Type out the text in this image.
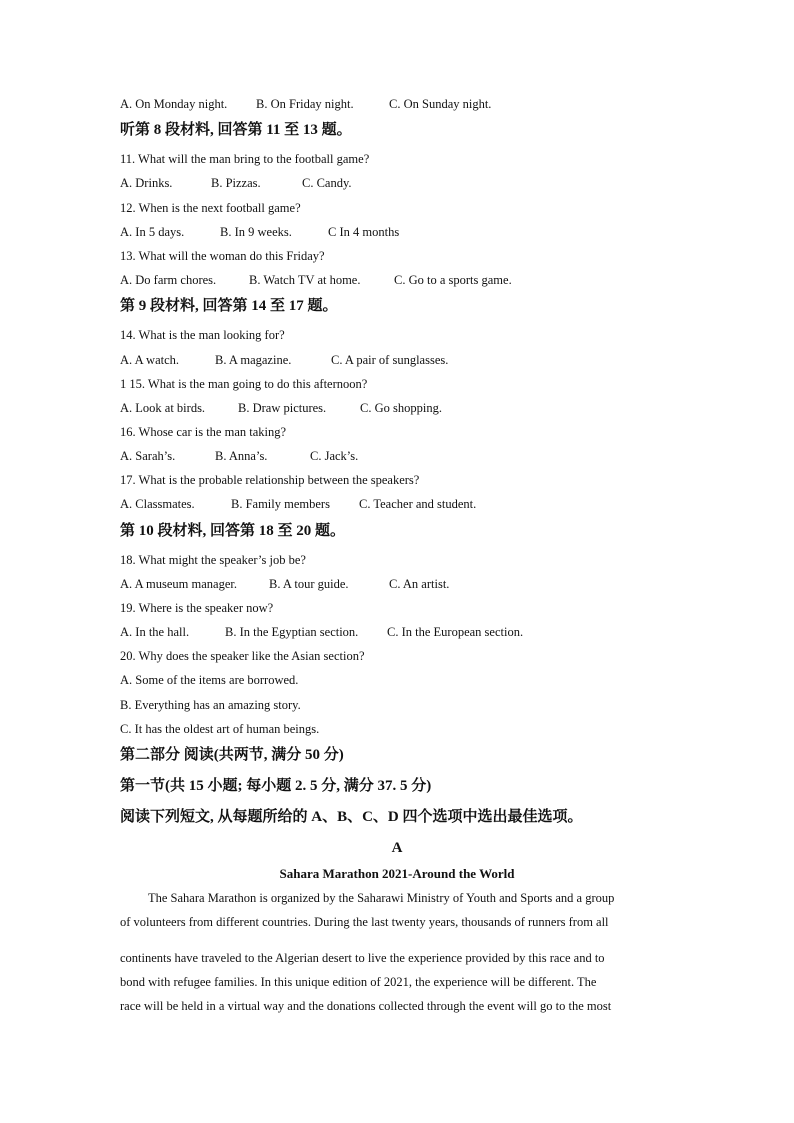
A. On Monday night. B. On Friday night.	C. On Sunday night.
听第 8 段材料, 回答第 11 至 13 题。
11. What will the man bring to the football game?
A. Drinks.	B. Pizzas.	C. Candy.
12. When is the next football game?
A. In 5 days.	B. In 9 weeks.	C In 4 months
13. What will the woman do this Friday?
A. Do farm chores.	B. Watch TV at home.	C. Go to a sports game.
第 9 段材料, 回答第 14 至 17 题。
14. What is the man looking for?
A. A watch.	B. A magazine.	C. A pair of sunglasses.
1 15. What is the man going to do this afternoon?
A. Look at birds.	B. Draw pictures.	C. Go shopping.
16. Whose car is the man taking?
A. Sarah’s.	B. Anna’s.	C. Jack’s.
17. What is the probable relationship between the speakers?
A. Classmates.	B. Family members C. Teacher and student.
第 10 段材料, 回答第 18 至 20 题。
18. What might the speaker’s job be?
A. A museum manager.	B. A tour guide.	C. An artist.
19. Where is the speaker now?
A. In the hall.	B. In the Egyptian section. C. In the European section.
20. Why does the speaker like the Asian section?
A. Some of the items are borrowed.
B. Everything has an amazing story.
C. It has the oldest art of human beings.
第二部分 阅读(共两节, 满分 50 分)
第一节(共 15 小题; 每小题 2. 5 分, 满分 37. 5 分)
阅读下列短文, 从每题所给的 A、B、C、D 四个选项中选出最佳选项。
A
Sahara Marathon 2021-Around the World
The Sahara Marathon is organized by the Saharawi Ministry of Youth and Sports and a group
of volunteers from different countries. During the last twenty years, thousands of runners from all
continents have traveled to the Algerian desert to live the experience provided by this race and to
bond with refugee families. In this unique edition of 2021, the experience will be different. The
race will be held in a virtual way and the donations collected through the event will go to the most
